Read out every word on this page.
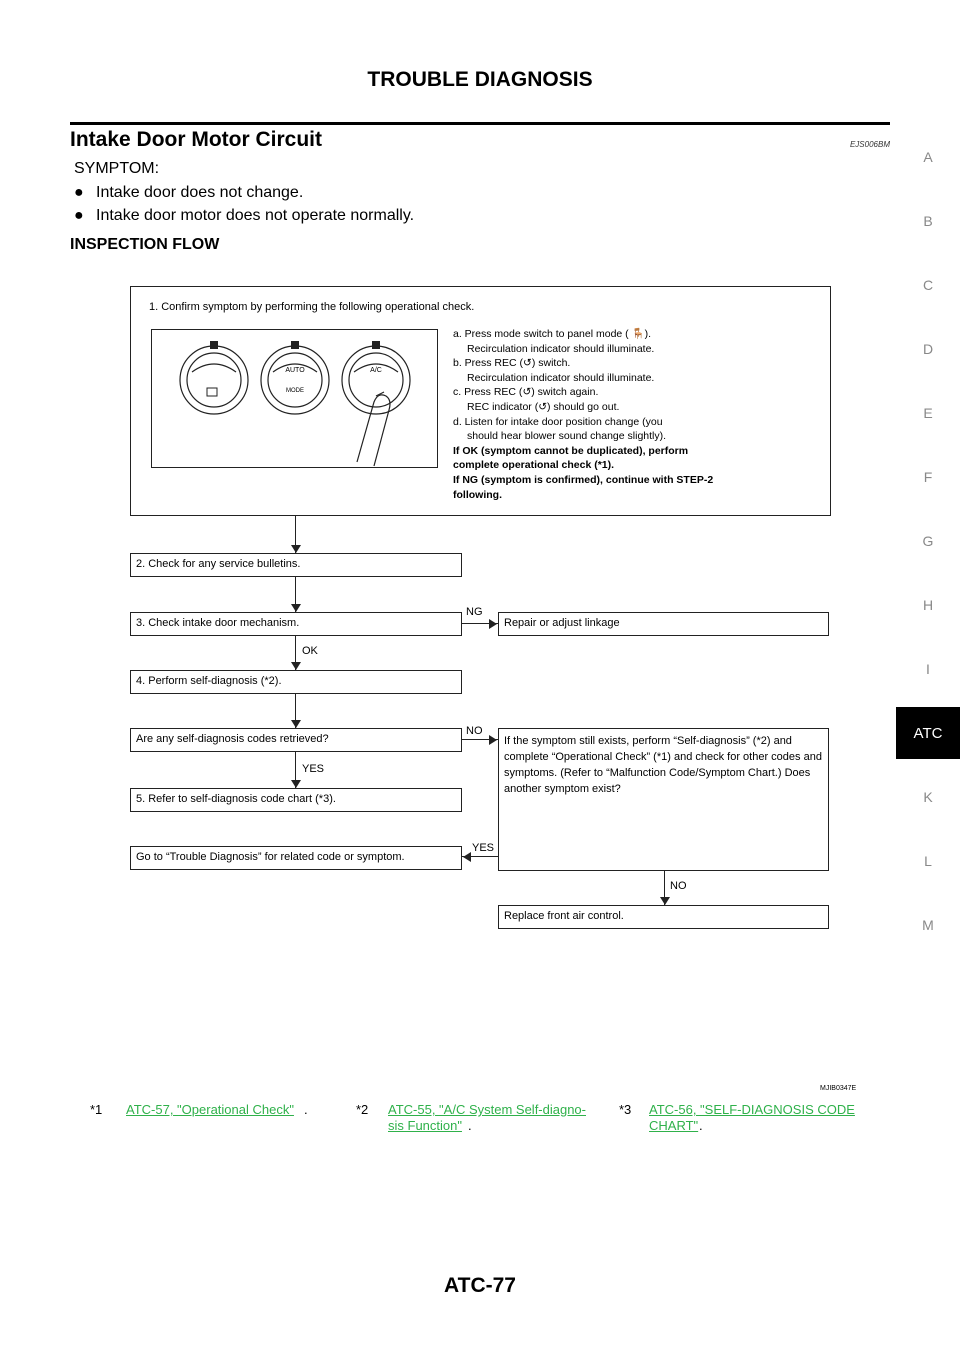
TROUBLE DIAGNOSIS
Intake Door Motor Circuit	EJS006BM
SYMPTOM:
● Intake door does not change.
● Intake door motor does not operate normally.
INSPECTION FLOW
A
B
C
D
E
F
G
H
I
ATC
K
L
M
1. Confirm symptom by performing the following operational check.
AUTO
MODE
A/C
a. Press mode switch to panel mode ( 🪑).
Recirculation indicator should illuminate.
b. Press REC (↺) switch.
Recirculation indicator should illuminate.
c. Press REC (↺) switch again.
REC indicator (↺) should go out.
d. Listen for intake door position change (you
should hear blower sound change slightly).
If OK (symptom cannot be duplicated), perform
complete operational check (*1).
If NG (symptom is confirmed), continue with STEP-2
following.
2. Check for any service bulletins.
3. Check intake door mechanism.	Repair or adjust linkage
4. Perform self-diagnosis (*2).
Are any self-diagnosis codes retrieved?
5. Refer to self-diagnosis code chart (*3).
Go to “Trouble Diagnosis” for related code or symptom.
If the symptom still exists, perform “Self-diagnosis” (*2) and complete “Operational Check” (*1) and check for other codes and symptoms. (Refer to “Malfunction Code/Symptom Chart.) Does another symptom exist?
Replace front air control.
NG
OK
NO
YES
YES
NO
MJIB0347E
*1 ATC-57, "Operational Check" .	*2 ATC-55, "A/C System Self-diagno-sis Function" .
*3 ATC-56, "SELF-DIAGNOSIS CODE CHART" .
ATC-77
